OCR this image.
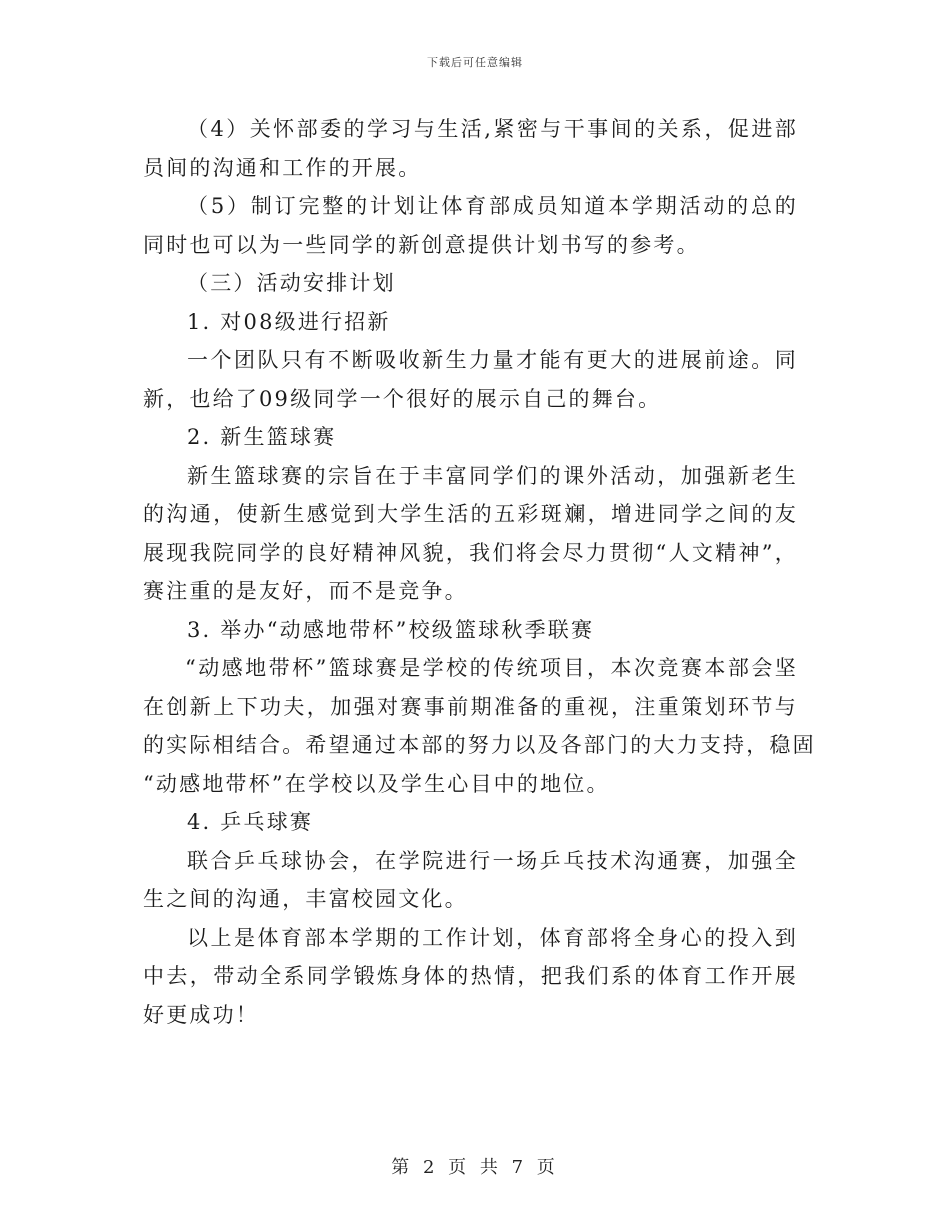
下载后可任意编辑
（4）关怀部委的学习与生活,紧密与干事间的关系，促进部
员间的沟通和工作的开展。
（5）制订完整的计划让体育部成员知道本学期活动的总的
同时也可以为一些同学的新创意提供计划书写的参考。
（三）活动安排计划
1. 对08级进行招新
一个团队只有不断吸收新生力量才能有更大的进展前途。同
新，也给了09级同学一个很好的展示自己的舞台。
2. 新生篮球赛
新生篮球赛的宗旨在于丰富同学们的课外活动，加强新老生
的沟通，使新生感觉到大学生活的五彩斑斓，增进同学之间的友
展现我院同学的良好精神风貌，我们将会尽力贯彻“人文精神”，
赛注重的是友好，而不是竞争。
3. 举办“动感地带杯”校级篮球秋季联赛
“动感地带杯”篮球赛是学校的传统项目，本次竞赛本部会坚
在创新上下功夫，加强对赛事前期准备的重视，注重策划环节与
的实际相结合。希望通过本部的努力以及各部门的大力支持，稳固
“动感地带杯”在学校以及学生心目中的地位。
4. 乒乓球赛
联合乒乓球协会，在学院进行一场乒乓技术沟通赛，加强全
生之间的沟通，丰富校园文化。
以上是体育部本学期的工作计划，体育部将全身心的投入到
中去，带动全系同学锻炼身体的热情，把我们系的体育工作开展
好更成功！
第 2 页 共 7 页
